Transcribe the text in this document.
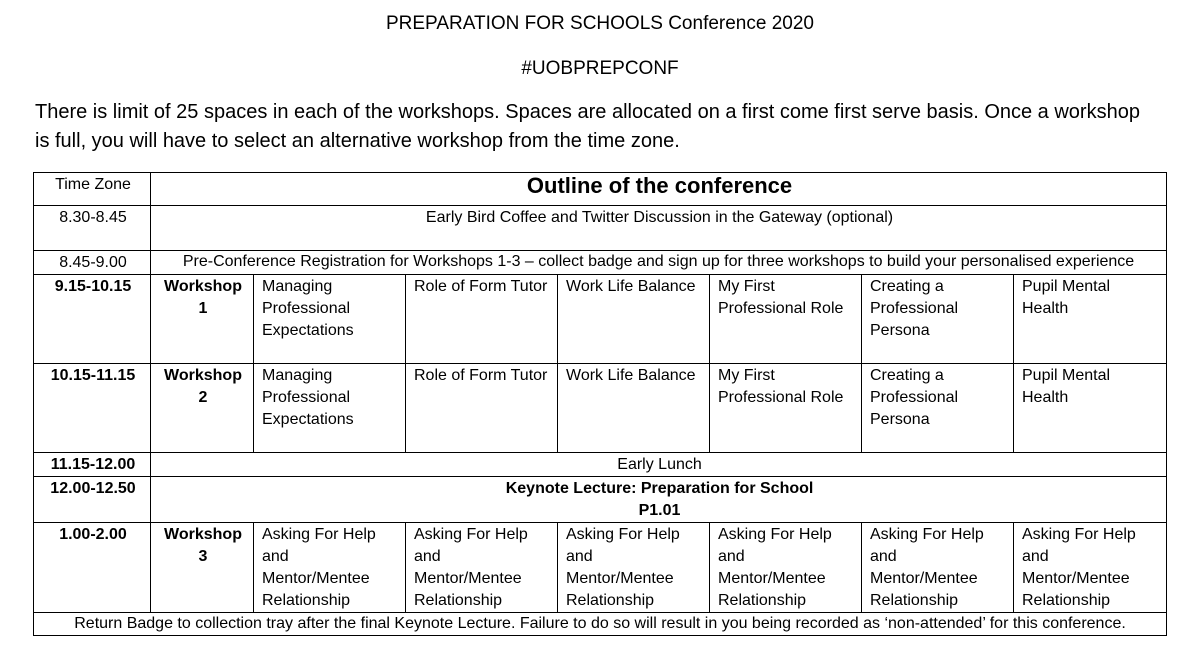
PREPARATION FOR SCHOOLS Conference 2020
#UOBPREPCONF
There is limit of 25 spaces in each of the workshops. Spaces are allocated on a first come first serve basis. Once a workshop is full, you will have to select an alternative workshop from the time zone.
Time Zone	Outline of the conference						
8.30-8.45	Early Bird Coffee and Twitter Discussion in the Gateway (optional)						
8.45-9.00	Pre-Conference Registration for Workshops 1-3 – collect badge and sign up for three workshops to build your personalised experience						
9.15-10.15	Workshop 1	Managing Professional Expectations	Role of Form Tutor	Work Life Balance	My First Professional Role	Creating a Professional Persona	Pupil Mental Health
10.15-11.15	Workshop 2	Managing Professional Expectations	Role of Form Tutor	Work Life Balance	My First Professional Role	Creating a Professional Persona	Pupil Mental Health
11.15-12.00	Early Lunch						
12.00-12.50	Keynote Lecture: Preparation for School
P1.01						

1.00-2.00	Workshop 3	Asking For Help and Mentor/Mentee Relationship	Asking For Help and Mentor/Mentee Relationship	Asking For Help and Mentor/Mentee Relationship	Asking For Help and Mentor/Mentee Relationship	Asking For Help and Mentor/Mentee Relationship	Asking For Help and Mentor/Mentee Relationship
Return Badge to collection tray after the final Keynote Lecture. Failure to do so will result in you being recorded as ‘non-attended’ for this conference.							
